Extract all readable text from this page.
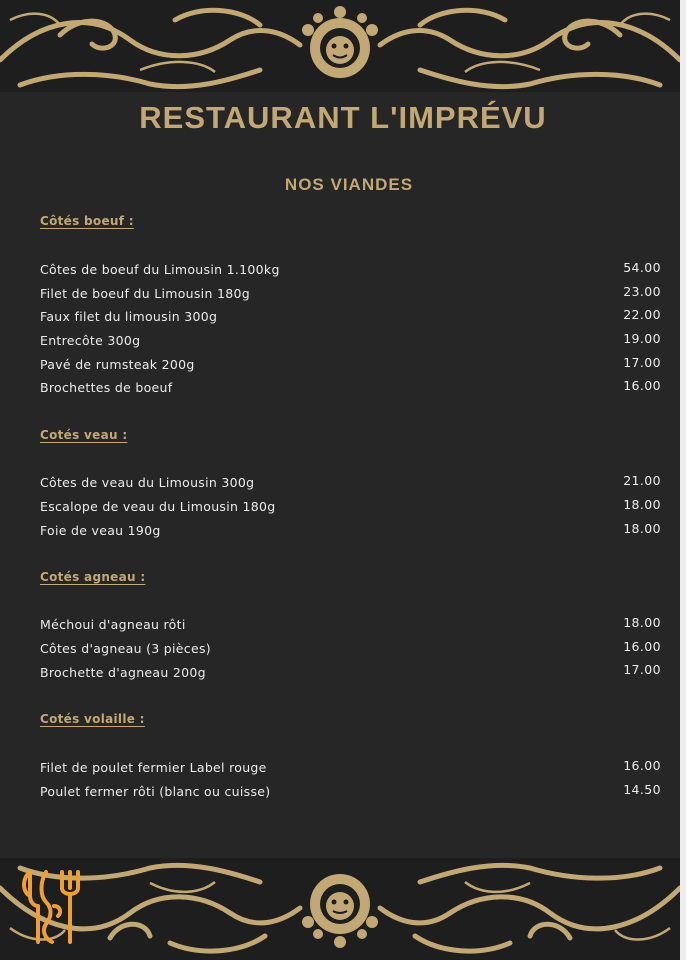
RESTAURANT L'IMPRÉVU
NOS VIANDES
Côtés boeuf :
Côtes de boeuf du Limousin 1.100kg	54.00
Filet de boeuf du Limousin 180g	23.00
Faux filet du limousin 300g	22.00
Entrecôte 300g	19.00
Pavé de rumsteak 200g	17.00
Brochettes de boeuf	16.00
Cotés veau :
Côtes de veau du Limousin 300g	21.00
Escalope de veau du Limousin 180g	18.00
Foie de veau 190g	18.00
Cotés agneau :
Méchoui d'agneau rôti	18.00
Côtes d'agneau (3 pièces)	16.00
Brochette d'agneau 200g	17.00
Cotés volaille :
Filet de poulet fermier Label rouge	16.00
Poulet fermer rôti (blanc ou cuisse)	14.50
